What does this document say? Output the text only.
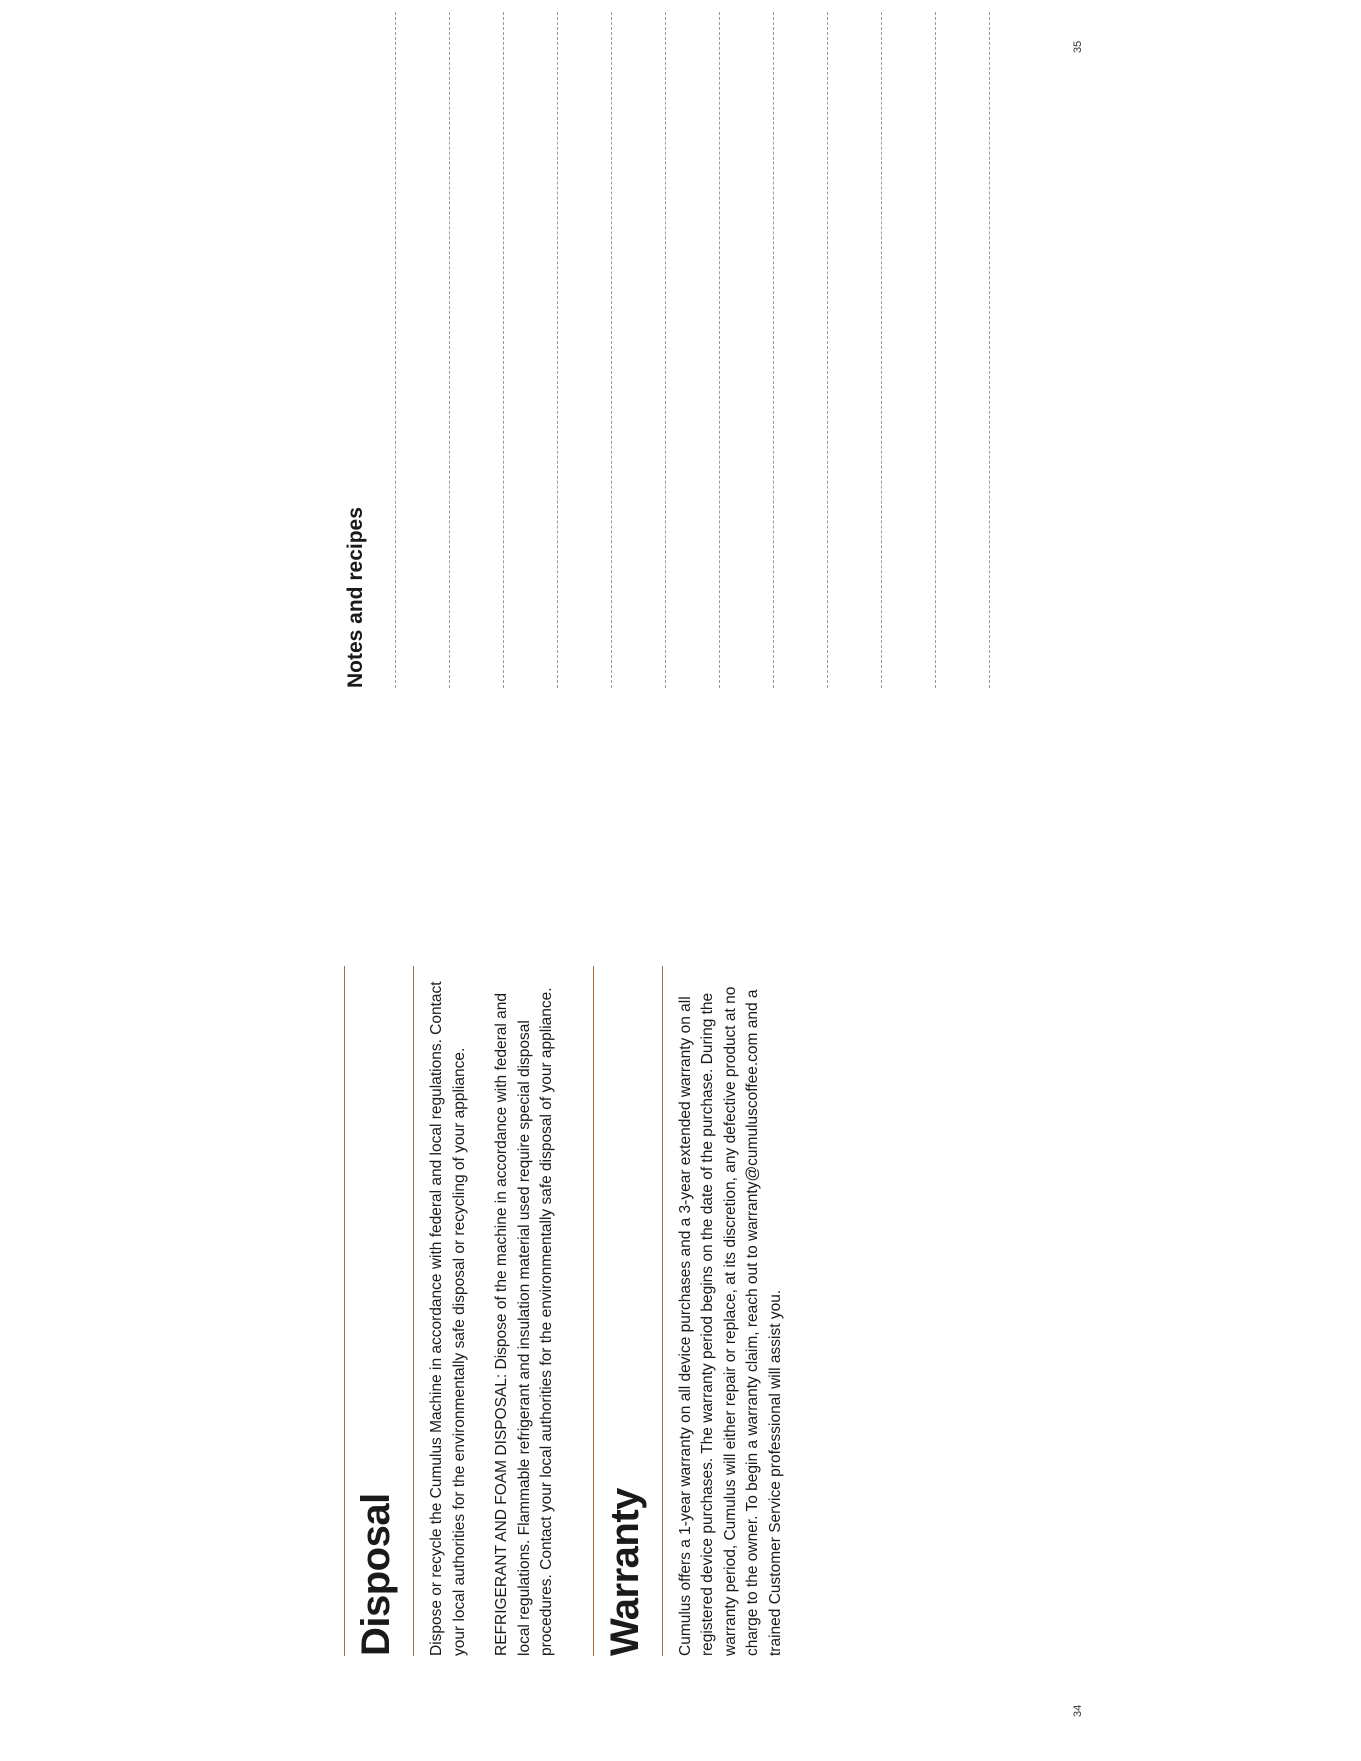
34
35
Disposal Dispose or recycle the Cumulus Machine in accordance with federal and local regulations. Contact your local authorities for the environmentally safe disposal or recycling of your appliance. REFRIGERANT AND FOAM DISPOSAL: Dispose of the machine in accordance with federal and local regulations. Flammable refrigerant and insulation material used require special disposal procedures. Contact your local authorities for the environmentally safe disposal of your appliance. Warranty Cumulus offers a 1-year warranty on all device purchases and a 3-year extended warranty on all registered device purchases. The warranty period begins on the date of the purchase. During the warranty period, Cumulus will either repair or replace, at its discretion, any defective product at no charge to the owner. To begin a warranty claim, reach out to warranty@cumuluscoffee.com and a trained Customer Service professional will assist you.

Notes and recipes
